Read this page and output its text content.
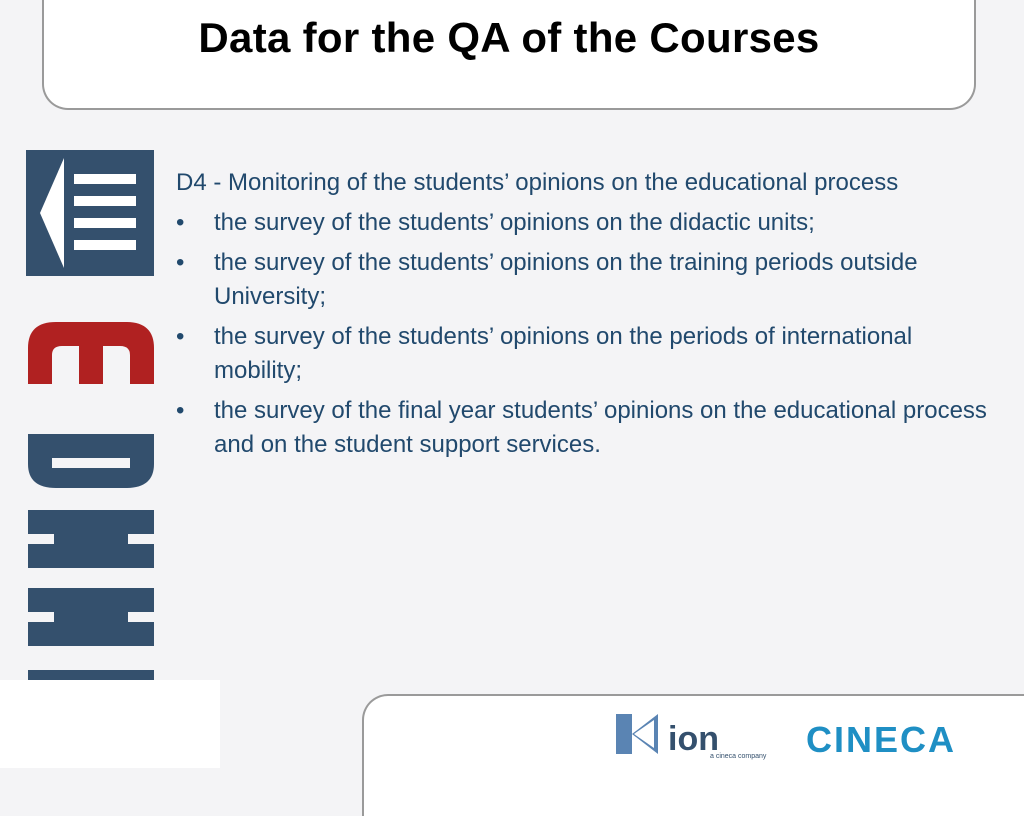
Data for the QA of the Courses

D4 - Monitoring of the students’ opinions on the educational process

• the survey of the students’ opinions on the didactic units;
• the survey of the students’ opinions on the training periods outside University;
• the survey of the students’ opinions on the periods of international mobility;
• the survey of the final year students’ opinions on the educational process and on the student support services.
ion
a cineca company CINECA
